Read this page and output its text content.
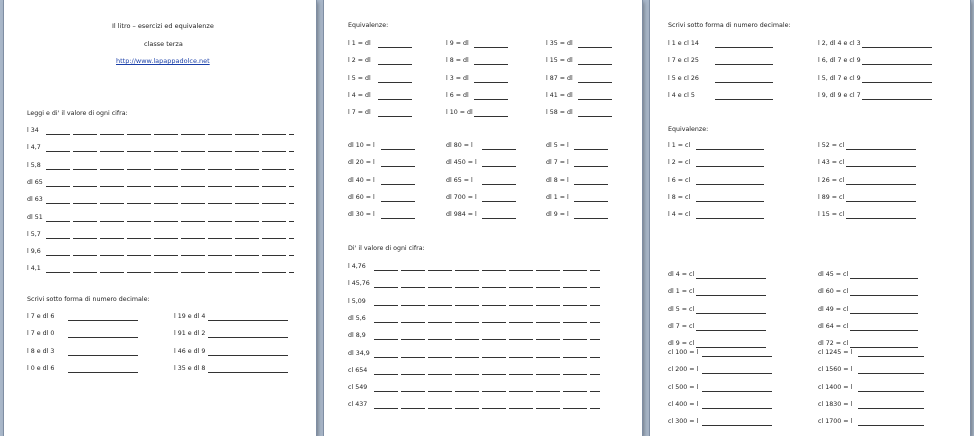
Il litro – esercizi ed equivalenze
classe terza
http://www.lapappadolce.net
Leggi e di' il valore di ogni cifra:
l 34
l 4,7
l 5,8
dl 65
dl 63
dl 51
l 5,7
l 9,6
l 4,1
Scrivi sotto forma di numero decimale:
l 7 e dl 6
l 7 e dl 0
l 8 e dl 3
l 0 e dl 6
l 19 e dl 4
l 91 e dl 2
l 46 e dl 9
l 35 e dl 8
Equivalenze:
l 1 = dl
l 2 = dl
l 5 = dl
l 4 = dl
l 7 = dl
l 9 = dl
l 8 = dl
l 3 = dl
l 6 = dl
l 10 = dl
l 35 = dl
l 15 = dl
l 87 = dl
l 41 = dl
l 58 = dl
dl 10 = l
dl 20 = l
dl 40 = l
dl 60 = l
dl 30 = l
dl 80 = l
dl 450 = l
dl 65 = l
dl 700 = l
dl 984 = l
dl 5 = l
dl 7 = l
dl 8 = l
dl 1 = l
dl 9 = l
Di' il valore di ogni cifra:
l 4,76
l 45,76
l 5,09
dl 5,6
dl 8,9
dl 34,9
cl 654
cl 549
cl 437
Scrivi sotto forma di numero decimale:
l 1 e cl 14
l 7 e cl 25
l 5 e cl 26
l 4 e cl 5
l 2, dl 4 e cl 3
l 6, dl 7 e cl 9
l 5, dl 7 e cl 9
l 9, dl 9 e cl 7
Equivalenze:
l 1 = cl
l 2 = cl
l 6 = cl
l 8 = cl
l 4 = cl
l 52 = cl
l 43 = cl
l 26 = cl
l 89 = cl
l 15 = cl
dl 4 = cl
dl 1 = cl
dl 5 = cl
dl 7 = cl
dl 9 = cl
dl 45 = cl
dl 60 = cl
dl 49 = cl
dl 64 = cl
dl 72 = cl
cl 100 = l
cl 200 = l
cl 500 = l
cl 400 = l
cl 300 = l
cl 1245 = l
cl 1560 = l
cl 1400 = l
cl 1830 = l
cl 1700 = l
